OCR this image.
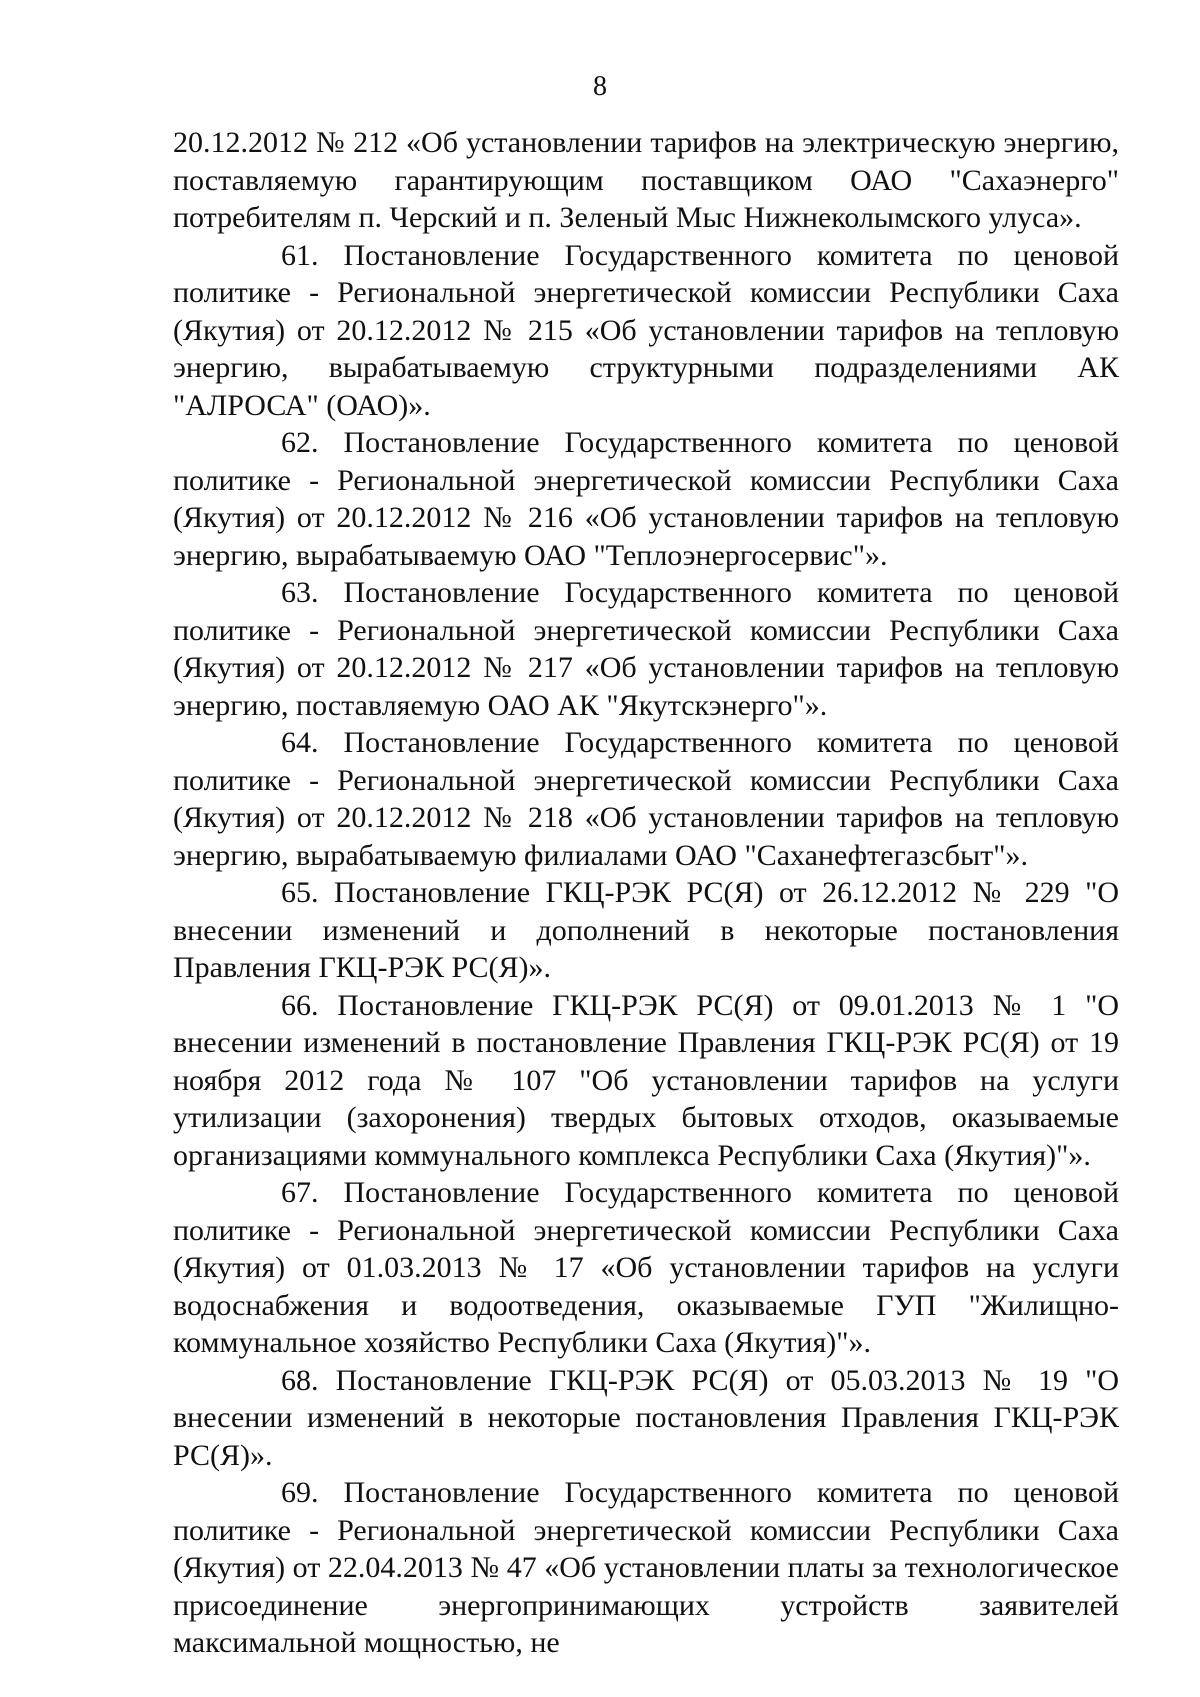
8

20.12.2012 № 212 «Об установлении тарифов на электрическую энергию, поставляемую гарантирующим поставщиком ОАО "Сахаэнерго" потребителям п. Черский и п. Зеленый Мыс Нижнеколымского улуса».

61. Постановление Государственного комитета по ценовой политике - Региональной энергетической комиссии Республики Саха (Якутия) от 20.12.2012 № 215 «Об установлении тарифов на тепловую энергию, вырабатываемую структурными подразделениями АК "АЛРОСА" (ОАО)».

62. Постановление Государственного комитета по ценовой политике - Региональной энергетической комиссии Республики Саха (Якутия) от 20.12.2012 № 216 «Об установлении тарифов на тепловую энергию, вырабатываемую ОАО "Теплоэнергосервис"».

63. Постановление Государственного комитета по ценовой политике - Региональной энергетической комиссии Республики Саха (Якутия) от 20.12.2012 № 217 «Об установлении тарифов на тепловую энергию, поставляемую ОАО АК "Якутскэнерго"».

64. Постановление Государственного комитета по ценовой политике - Региональной энергетической комиссии Республики Саха (Якутия) от 20.12.2012 № 218 «Об установлении тарифов на тепловую энергию, вырабатываемую филиалами ОАО "Саханефтегазсбыт"».

65. Постановление ГКЦ-РЭК РС(Я) от 26.12.2012 № 229 "О внесении изменений и дополнений в некоторые постановления Правления ГКЦ-РЭК РС(Я)».

66. Постановление ГКЦ-РЭК РС(Я) от 09.01.2013 № 1 "О внесении изменений в постановление Правления ГКЦ-РЭК РС(Я) от 19 ноября 2012 года № 107 "Об установлении тарифов на услуги утилизации (захоронения) твердых бытовых отходов, оказываемые организациями коммунального комплекса Республики Саха (Якутия)"».

67. Постановление Государственного комитета по ценовой политике - Региональной энергетической комиссии Республики Саха (Якутия) от 01.03.2013 № 17 «Об установлении тарифов на услуги водоснабжения и водоотведения, оказываемые ГУП "Жилищно-коммунальное хозяйство Республики Саха (Якутия)"».

68. Постановление ГКЦ-РЭК РС(Я) от 05.03.2013 № 19 "О внесении изменений в некоторые постановления Правления ГКЦ-РЭК РС(Я)».

69. Постановление Государственного комитета по ценовой политике - Региональной энергетической комиссии Республики Саха (Якутия) от 22.04.2013 № 47 «Об установлении платы за технологическое присоединение энергопринимающих устройств заявителей максимальной мощностью, не
